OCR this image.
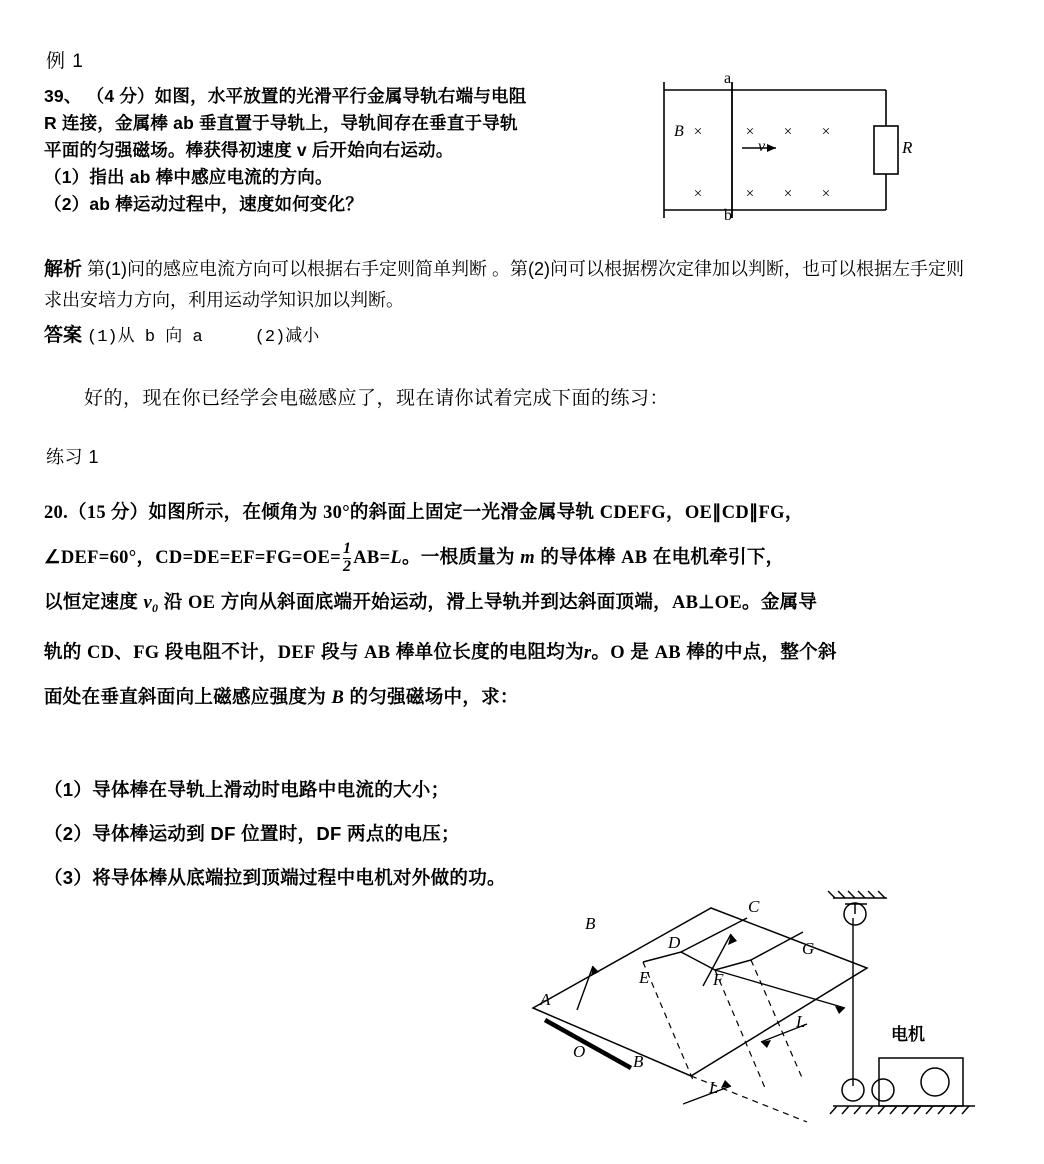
例 1
39、 （4 分）如图，水平放置的光滑平行金属导轨右端与电阻
R 连接，金属棒 ab 垂直置于导轨上，导轨间存在垂直于导轨
平面的匀强磁场。棒获得初速度 v 后开始向右运动。
（1）指出 ab 棒中感应电流的方向。
（2）ab 棒运动过程中，速度如何变化？
×
×
× × ×
× × ×
B
a
b
v	R
解析 第(1)问的感应电流方向可以根据右手定则简单判断 。第(2)问可以根据楞次定律加以判断，也可以根据左手定则求出安培力方向，利用运动学知识加以判断。
答案 (1)从 b 向 a	(2)减小
好的，现在你已经学会电磁感应了，现在请你试着完成下面的练习：
练习 1
20.（15 分）如图所示，在倾角为 30°的斜面上固定一光滑金属导轨 CDEFG，OE∥CD∥FG，
∠DEF=60°，$CD=DE=EF=FG=OE= \frac{1}{2} AB=L$。一根质量为 m 的导体棒 AB 在电机牵引下，
以恒定速度 $v_0$ 沿 OE 方向从斜面底端开始运动，滑上导轨并到达斜面顶端，AB⊥OE。金属导
轨的 CD、FG 段电阻不计，DEF 段与 AB 棒单位长度的电阻均为r。O 是 AB 棒的中点，整个斜
面处在垂直斜面向上磁感应强度为 B 的匀强磁场中，求：
（1）导体棒在导轨上滑动时电路中电流的大小；
（2）导体棒运动到 DF 位置时，DF 两点的电压；
（3）将导体棒从底端拉到顶端过程中电机对外做的功。
B
C
D	G
E	F
A
O
B
L
L
电机
